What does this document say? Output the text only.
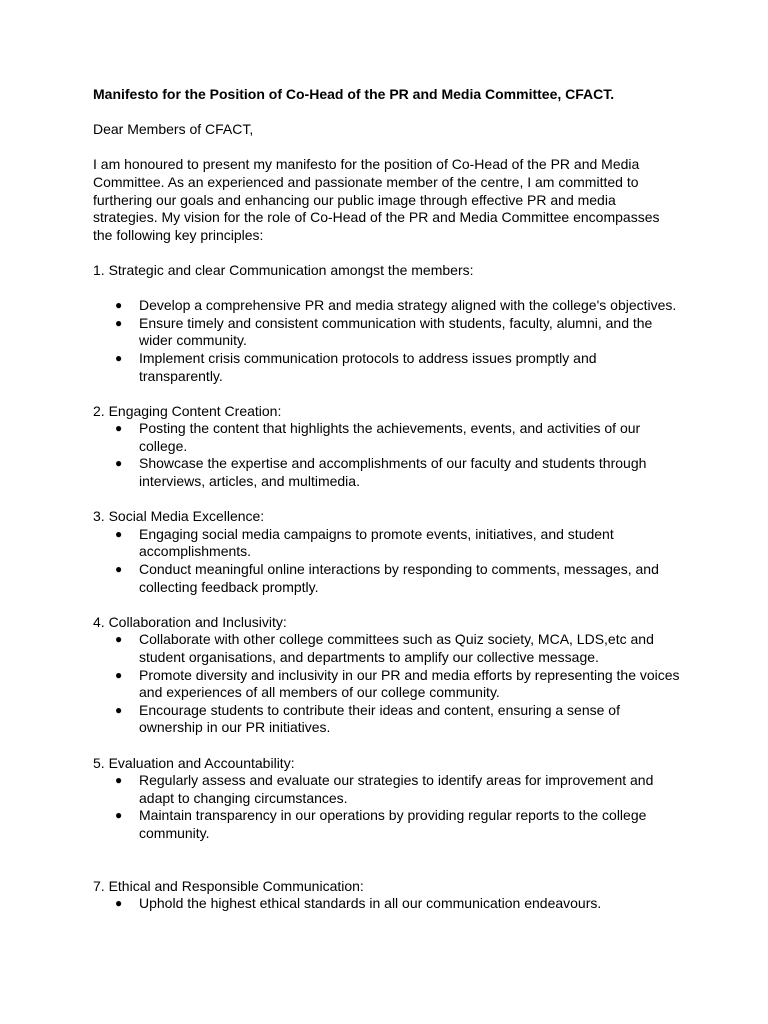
Manifesto for the Position of Co-Head of the PR and Media Committee, CFACT.

Dear Members of CFACT,

I am honoured to present my manifesto for the position of Co-Head of the PR and Media Committee. As an experienced and passionate member of the centre, I am committed to furthering our goals and enhancing our public image through effective PR and media strategies. My vision for the role of Co-Head of the PR and Media Committee encompasses the following key principles:

1. Strategic and clear Communication amongst the members:

● Develop a comprehensive PR and media strategy aligned with the college's objectives.
● Ensure timely and consistent communication with students, faculty, alumni, and the wider community.
● Implement crisis communication protocols to address issues promptly and transparently.

2. Engaging Content Creation:

● Posting the content that highlights the achievements, events, and activities of our college.
● Showcase the expertise and accomplishments of our faculty and students through interviews, articles, and multimedia.

3. Social Media Excellence:

● Engaging social media campaigns to promote events, initiatives, and student accomplishments.
● Conduct meaningful online interactions by responding to comments, messages, and collecting feedback promptly.

4. Collaboration and Inclusivity:

● Collaborate with other college committees such as Quiz society, MCA, LDS,etc and student organisations, and departments to amplify our collective message.
● Promote diversity and inclusivity in our PR and media efforts by representing the voices and experiences of all members of our college community.
● Encourage students to contribute their ideas and content, ensuring a sense of ownership in our PR initiatives.

5. Evaluation and Accountability:

● Regularly assess and evaluate our strategies to identify areas for improvement and adapt to changing circumstances.
● Maintain transparency in our operations by providing regular reports to the college community.

7. Ethical and Responsible Communication:

● Uphold the highest ethical standards in all our communication endeavours.
